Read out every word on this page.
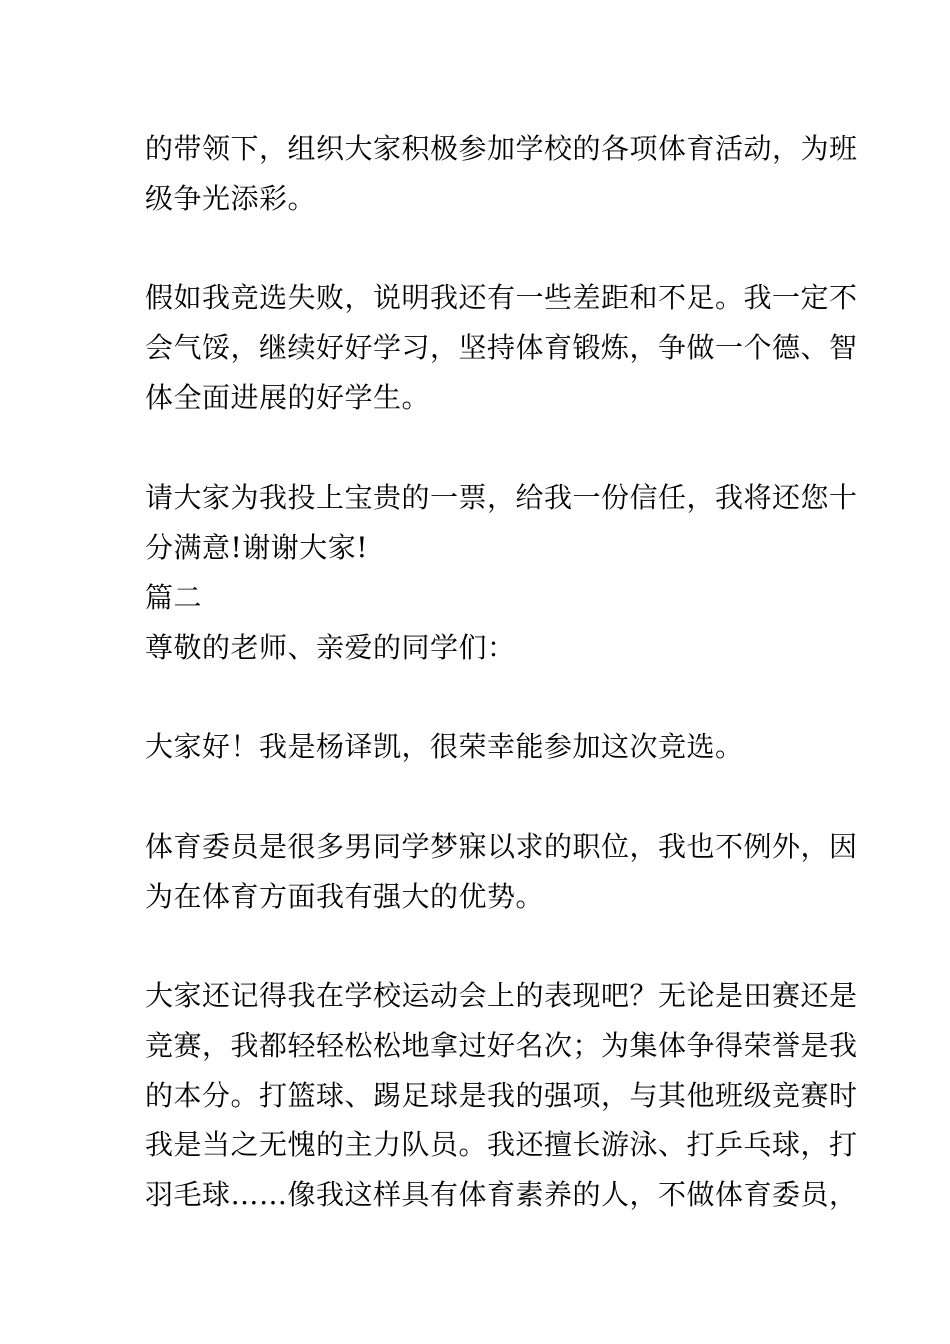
的带领下，组织大家积极参加学校的各项体育活动，为班
级争光添彩。
假如我竞选失败，说明我还有一些差距和不足。我一定不
会气馁，继续好好学习，坚持体育锻炼，争做一个德、智
体全面进展的好学生。
请大家为我投上宝贵的一票，给我一份信任，我将还您十
分满意!谢谢大家!
篇二
尊敬的老师、亲爱的同学们：
大家好！我是杨译凯，很荣幸能参加这次竞选。
体育委员是很多男同学梦寐以求的职位，我也不例外，因
为在体育方面我有强大的优势。
大家还记得我在学校运动会上的表现吧？无论是田赛还是
竞赛，我都轻轻松松地拿过好名次；为集体争得荣誉是我
的本分。打篮球、踢足球是我的强项，与其他班级竞赛时
我是当之无愧的主力队员。我还擅长游泳、打乒乓球，打
羽毛球……像我这样具有体育素养的人，不做体育委员，
